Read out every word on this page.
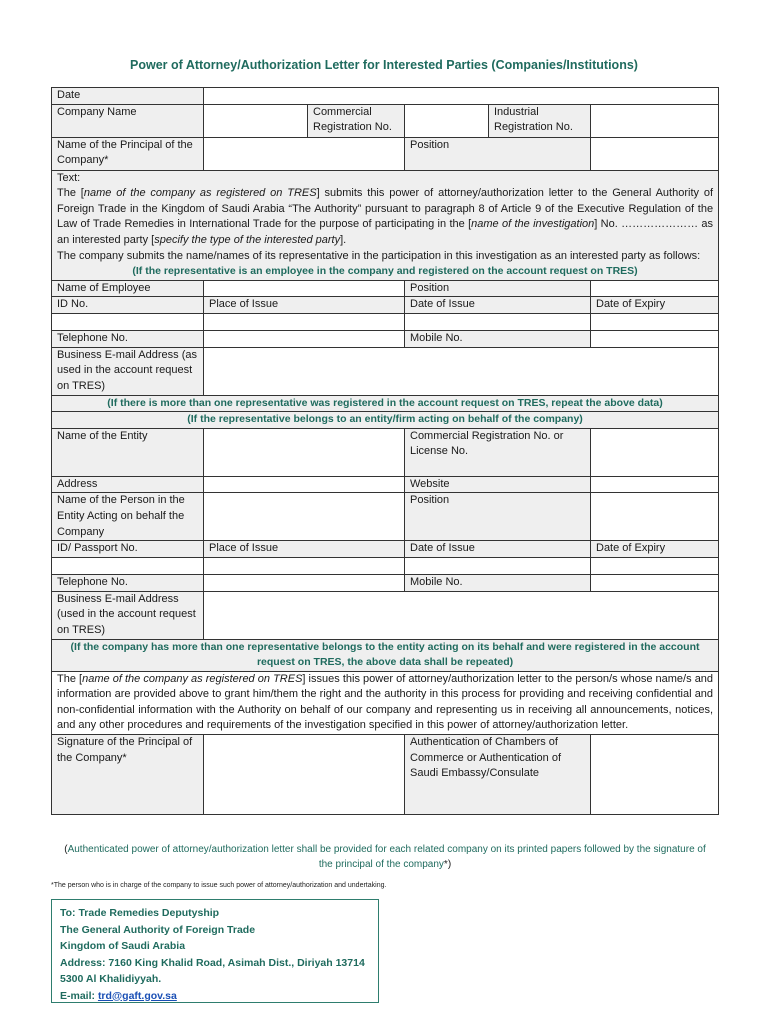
Power of Attorney/Authorization Letter for Interested Parties (Companies/Institutions)
Date					
Company Name		Commercial Registration No.		Industrial Registration No.	
Name of the Principal of the Company*			Position		

Text:
The [name of the company as registered on TRES] submits this power of attorney/authorization letter to the General Authority of Foreign Trade in the Kingdom of Saudi Arabia “The Authority” pursuant to paragraph 8 of Article 9 of the Executive Regulation of the Law of Trade Remedies in International Trade for the purpose of participating in the [name of the investigation] No. ………………… as an interested party [specify the type of the interested party].
The company submits the name/names of its representative in the participation in this investigation as an interested party as follows:
(If the representative is an employee in the company and registered on the account request on TRES)					

Name of Employee			Position		
ID No.	Place of Issue		Date of Issue		Date of Expiry

Telephone No.			Mobile No.		
Business E-mail Address (as used in the account request on TRES)					
(If there is more than one representative was registered in the account request on TRES, repeat the above data)					
(If the representative belongs to an entity/firm acting on behalf of the company)					
Name of the Entity			Commercial Registration No. or License No.		
Address			Website		
Name of the Person in the Entity Acting on behalf the Company			Position		
ID/ Passport No.	Place of Issue		Date of Issue		Date of Expiry

Telephone No.			Mobile No.		
Business E-mail Address (used in the account request on TRES)					
(If the company has more than one representative belongs to the entity acting on its behalf and were registered in the account request on TRES, the above data shall be repeated)					
The [name of the company as registered on TRES] issues this power of attorney/authorization letter to the person/s whose name/s and information are provided above to grant him/them the right and the authority in this process for providing and receiving confidential and non-confidential information with the Authority on behalf of our company and representing us in receiving all announcements, notices, and any other procedures and requirements of the investigation specified in this power of attorney/authorization letter.					
Signature of the Principal of the Company*			Authentication of Chambers of Commerce or Authentication of Saudi Embassy/Consulate		
(Authenticated power of attorney/authorization letter shall be provided for each related company on its printed papers followed by the signature of the principal of the company*)
*The person who is in charge of the company to issue such power of attorney/authorization and undertaking.
To: Trade Remedies Deputyship
The General Authority of Foreign Trade
Kingdom of Saudi Arabia
Address: 7160 King Khalid Road, Asimah Dist., Diriyah 13714 5300 Al Khalidiyyah.
E-mail: trd@gaft.gov.sa
